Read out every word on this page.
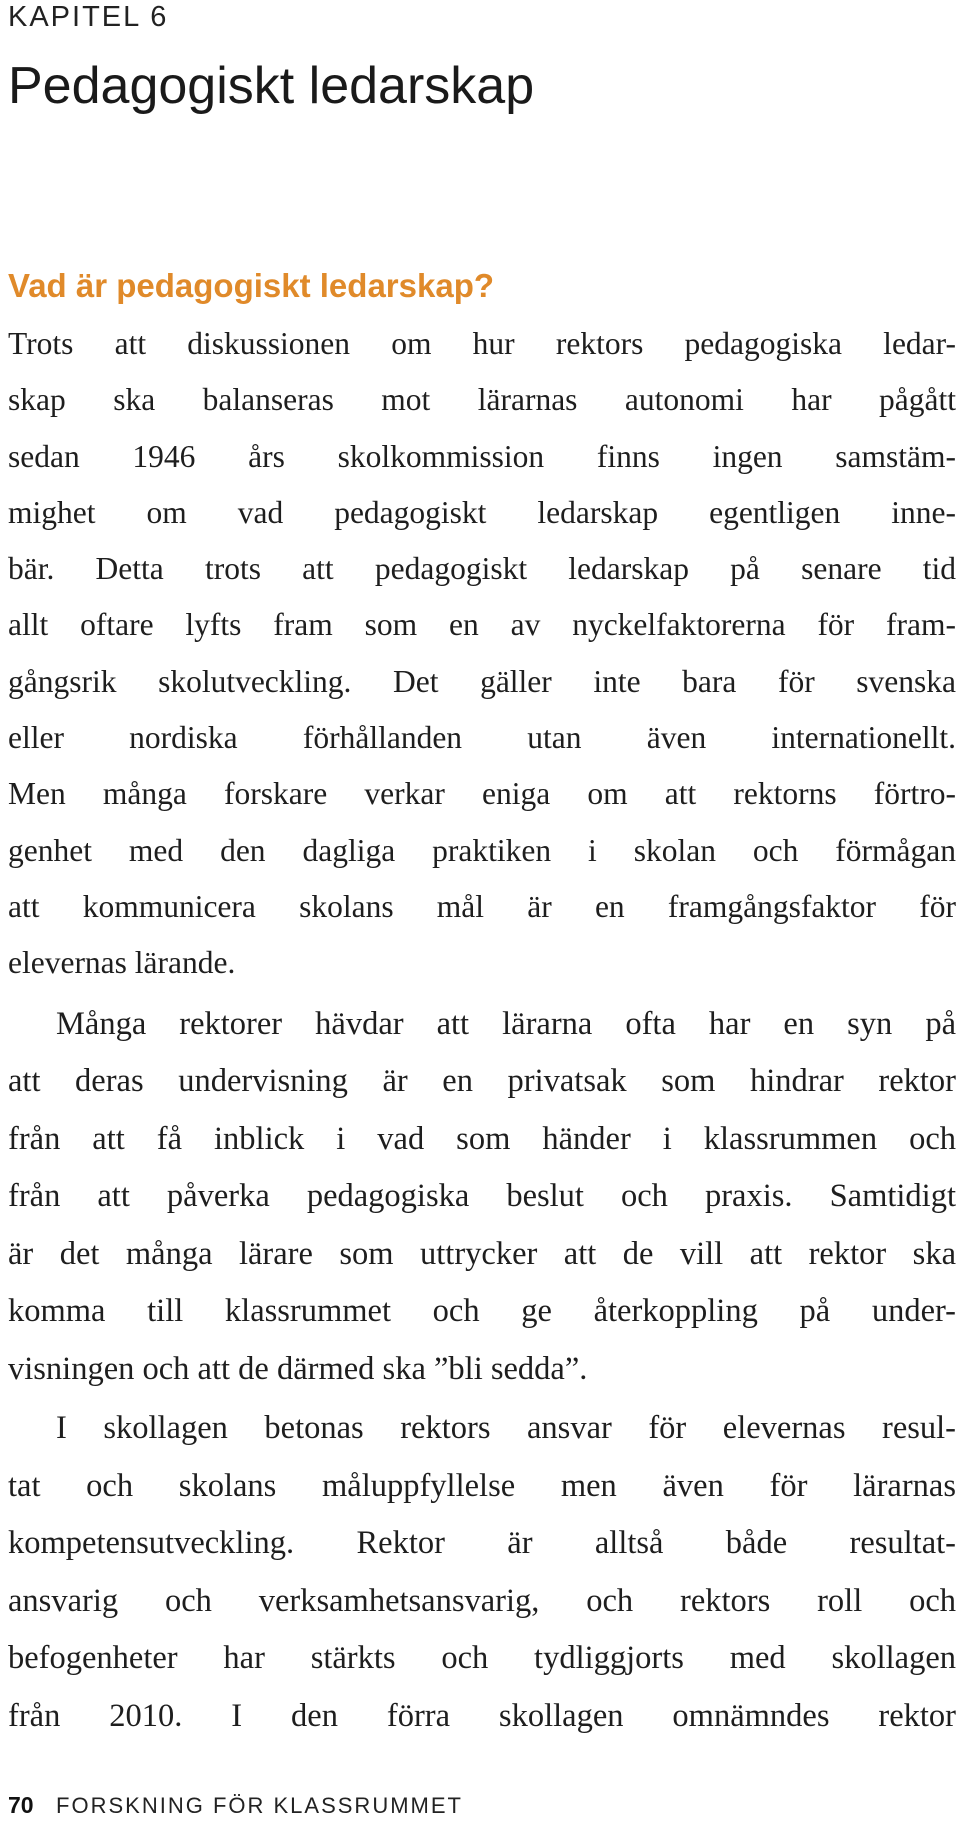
KAPITEL 6
Pedagogiskt ledarskap
Vad är pedagogiskt ledarskap?
Trots att diskussionen om hur rektors pedagogiska ledar-
skap ska balanseras mot lärarnas autonomi har pågått
sedan 1946 års skolkommission finns ingen samstäm-
mighet om vad pedagogiskt ledarskap egentligen inne-
bär. Detta trots att pedagogiskt ledarskap på senare tid
allt oftare lyfts fram som en av nyckelfaktorerna för fram-
gångsrik skolutveckling. Det gäller inte bara för svenska
eller nordiska förhållanden utan även internationellt.
Men många forskare verkar eniga om att rektorns förtro-
genhet med den dagliga praktiken i skolan och förmågan
att kommunicera skolans mål är en framgångsfaktor för
elevernas lärande.
Många rektorer hävdar att lärarna ofta har en syn på
att deras undervisning är en privatsak som hindrar rektor
från att få inblick i vad som händer i klassrummen och
från att påverka pedagogiska beslut och praxis. Samtidigt
är det många lärare som uttrycker att de vill att rektor ska
komma till klassrummet och ge återkoppling på under-
visningen och att de därmed ska ”bli sedda”.
I skollagen betonas rektors ansvar för elevernas resul-
tat och skolans måluppfyllelse men även för lärarnas
kompetensutveckling. Rektor är alltså både resultat-
ansvarig och verksamhetsansvarig, och rektors roll och
befogenheter har stärkts och tydliggjorts med skollagen
från 2010. I den förra skollagen omnämndes rektor
70 FORSKNING FÖR KLASSRUMMET
